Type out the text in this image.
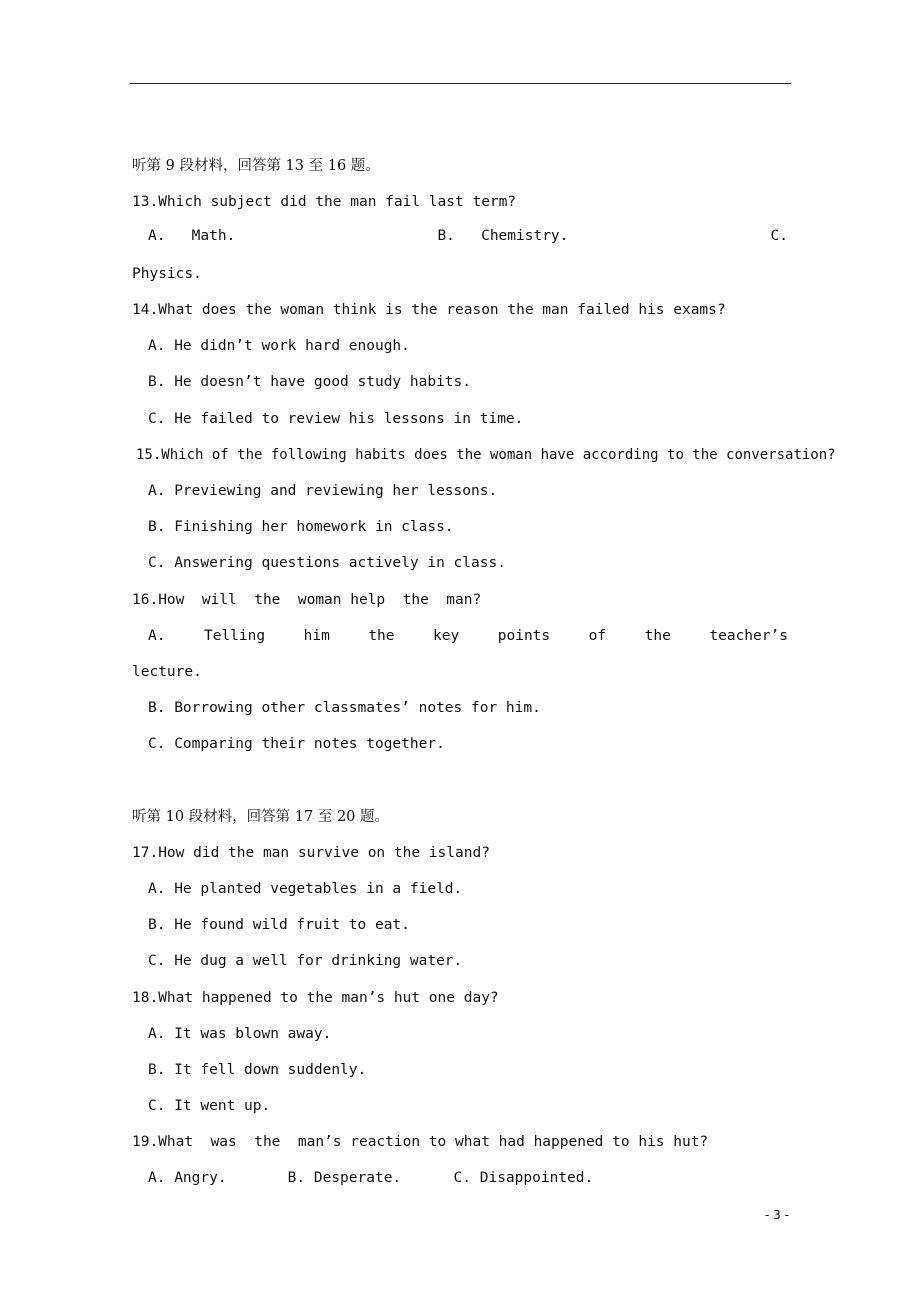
听第 9 段材料，回答第 13 至 16 题。
13.Which subject did the man fail last term?
A.   Math.	B.   Chemistry.	C.
Physics.
14.What does the woman think is the reason the man failed his exams?
A. He didn’t work hard enough.
B. He doesn’t have good study habits.
C. He failed to review his lessons in time.
15.Which of the following habits does the woman have according to the conversation?
A. Previewing and reviewing her lessons.
B. Finishing her homework in class.
C. Answering questions actively in class.
16.How  will  the  woman help  the  man?
A.	Telling	him	the	key	points	of	the	teacher’s
lecture.
B. Borrowing other classmates’ notes for him.
C. Comparing their notes together.
听第 10 段材料，回答第 17 至 20 题。
17.How did the man survive on the island?
A. He planted vegetables in a field.
B. He found wild fruit to eat.
C. He dug a well for drinking water.
18.What happened to the man’s hut one day?
A. It was blown away.
B. It fell down suddenly.
C. It went up.
19.What  was  the  man’s reaction to what had happened to his hut?
A. Angry.       B. Desperate.      C. Disappointed.
- 3 -
